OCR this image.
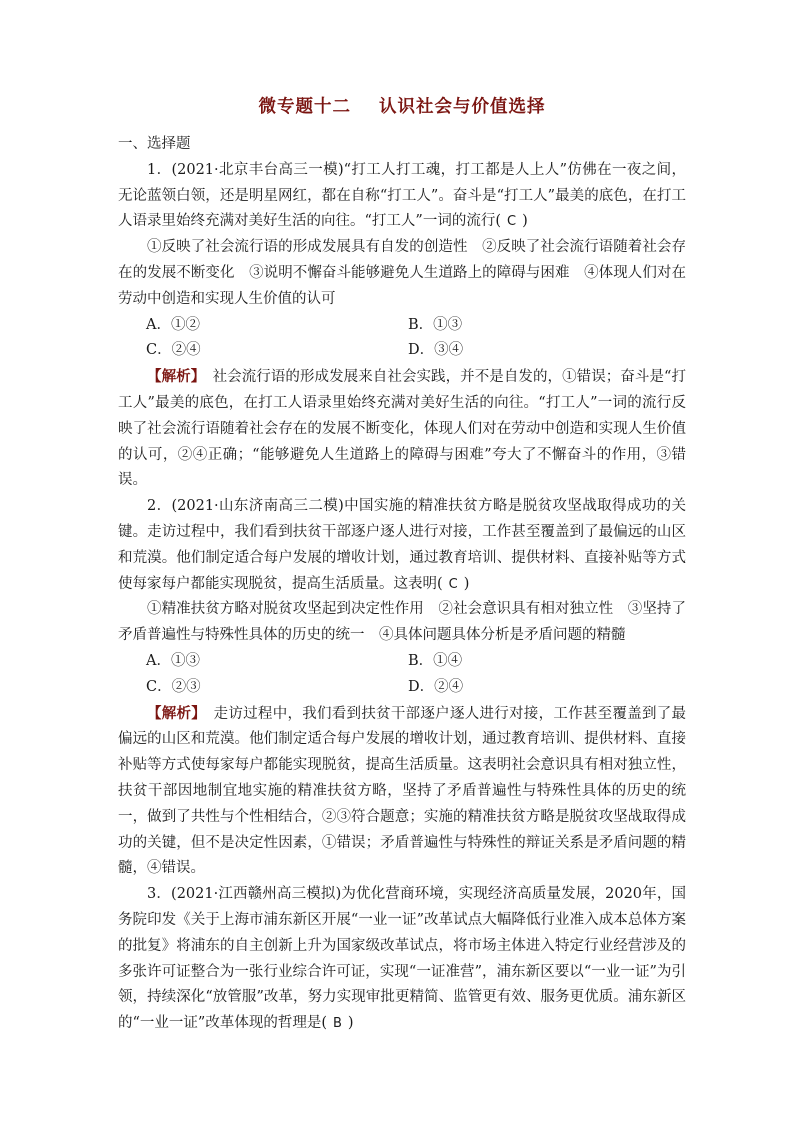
微专题十二 认识社会与价值选择

一、选择题

1．(2021·北京丰台高三一模)“打工人打工魂，打工都是人上人”仿佛在一夜之间，无论蓝领白领，还是明星网红，都在自称“打工人”。奋斗是“打工人”最美的底色，在打工人语录里始终充满对美好生活的向往。“打工人”一词的流行( C )

①反映了社会流行语的形成发展具有自发的创造性　②反映了社会流行语随着社会存在的发展不断变化　③说明不懈奋斗能够避免人生道路上的障碍与困难　④体现人们对在劳动中创造和实现人生价值的认可

A．①②	B．①③
C．②④	D．③④

【解析】　 社会流行语的形成发展来自社会实践，并不是自发的，①错误；奋斗是“打工人”最美的底色，在打工人语录里始终充满对美好生活的向往。“打工人”一词的流行反映了社会流行语随着社会存在的发展不断变化，体现人们对在劳动中创造和实现人生价值的认可，②④正确；“能够避免人生道路上的障碍与困难”夸大了不懈奋斗的作用，③错误。

2．(2021·山东济南高三二模)中国实施的精准扶贫方略是脱贫攻坚战取得成功的关键。走访过程中，我们看到扶贫干部逐户逐人进行对接，工作甚至覆盖到了最偏远的山区和荒漠。他们制定适合每户发展的增收计划，通过教育培训、提供材料、直接补贴等方式使每家每户都能实现脱贫，提高生活质量。这表明( C )

①精准扶贫方略对脱贫攻坚起到决定性作用　②社会意识具有相对独立性　③坚持了矛盾普遍性与特殊性具体的历史的统一　④具体问题具体分析是矛盾问题的精髓

A．①③	B．①④
C．②③	D．②④

【解析】　 走访过程中，我们看到扶贫干部逐户逐人进行对接，工作甚至覆盖到了最偏远的山区和荒漠。他们制定适合每户发展的增收计划，通过教育培训、提供材料、直接补贴等方式使每家每户都能实现脱贫，提高生活质量。这表明社会意识具有相对独立性，扶贫干部因地制宜地实施的精准扶贫方略，坚持了矛盾普遍性与特殊性具体的历史的统一，做到了共性与个性相结合，②③符合题意；实施的精准扶贫方略是脱贫攻坚战取得成功的关键，但不是决定性因素，①错误；矛盾普遍性与特殊性的辩证关系是矛盾问题的精髓，④错误。

3．(2021·江西赣州高三模拟)为优化营商环境，实现经济高质量发展，2020年，国务院印发《关于上海市浦东新区开展“一业一证”改革试点大幅降低行业准入成本总体方案的批复》将浦东的自主创新上升为国家级改革试点，将市场主体进入特定行业经营涉及的多张许可证整合为一张行业综合许可证，实现“一证准营”，浦东新区要以“一业一证”为引领，持续深化“放管服”改革，努力实现审批更精简、监管更有效、服务更优质。浦东新区的“一业一证”改革体现的哲理是( B )
